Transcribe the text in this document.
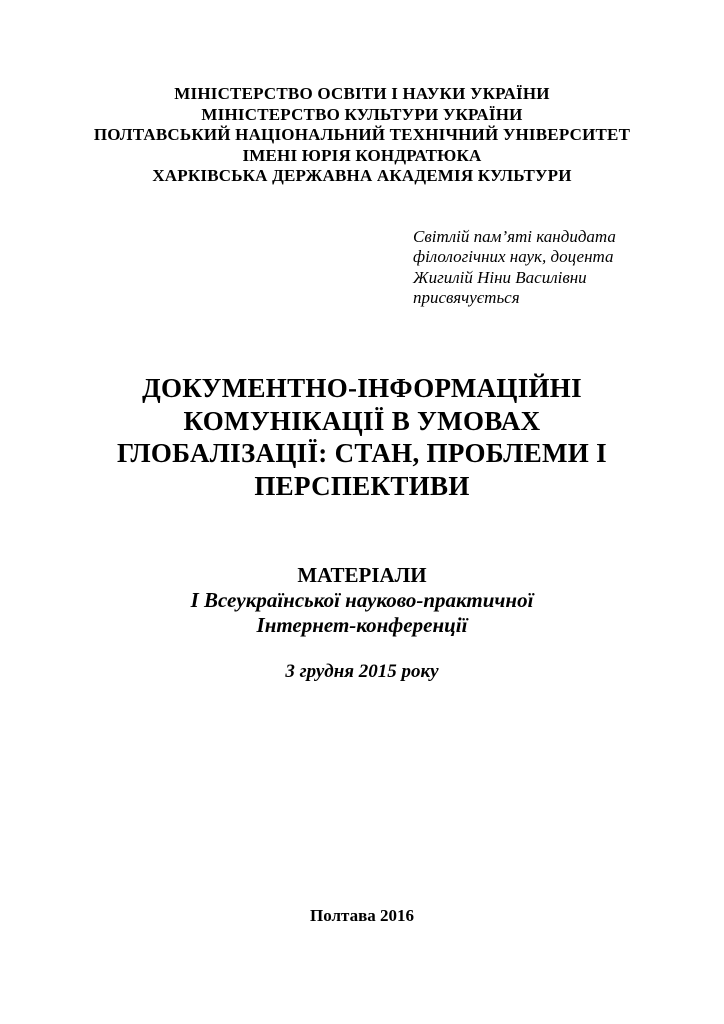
МІНІСТЕРСТВО ОСВІТИ І НАУКИ УКРАЇНИ
МІНІСТЕРСТВО КУЛЬТУРИ УКРАЇНИ
ПОЛТАВСЬКИЙ НАЦІОНАЛЬНИЙ ТЕХНІЧНИЙ УНІВЕРСИТЕТ
ІМЕНІ ЮРІЯ КОНДРАТЮКА
ХАРКІВСЬКА ДЕРЖАВНА АКАДЕМІЯ КУЛЬТУРИ
Світлій пам’яті кандидата
філологічних наук, доцента
Жигилій Ніни Василівни
присвячується
ДОКУМЕНТНО-ІНФОРМАЦІЙНІ
КОМУНІКАЦІЇ В УМОВАХ
ГЛОБАЛІЗАЦІЇ: СТАН, ПРОБЛЕМИ І
ПЕРСПЕКТИВИ
МАТЕРІАЛИ
І Всеукраїнської науково-практичної
Інтернет-конференції
3 грудня 2015 року
Полтава 2016
